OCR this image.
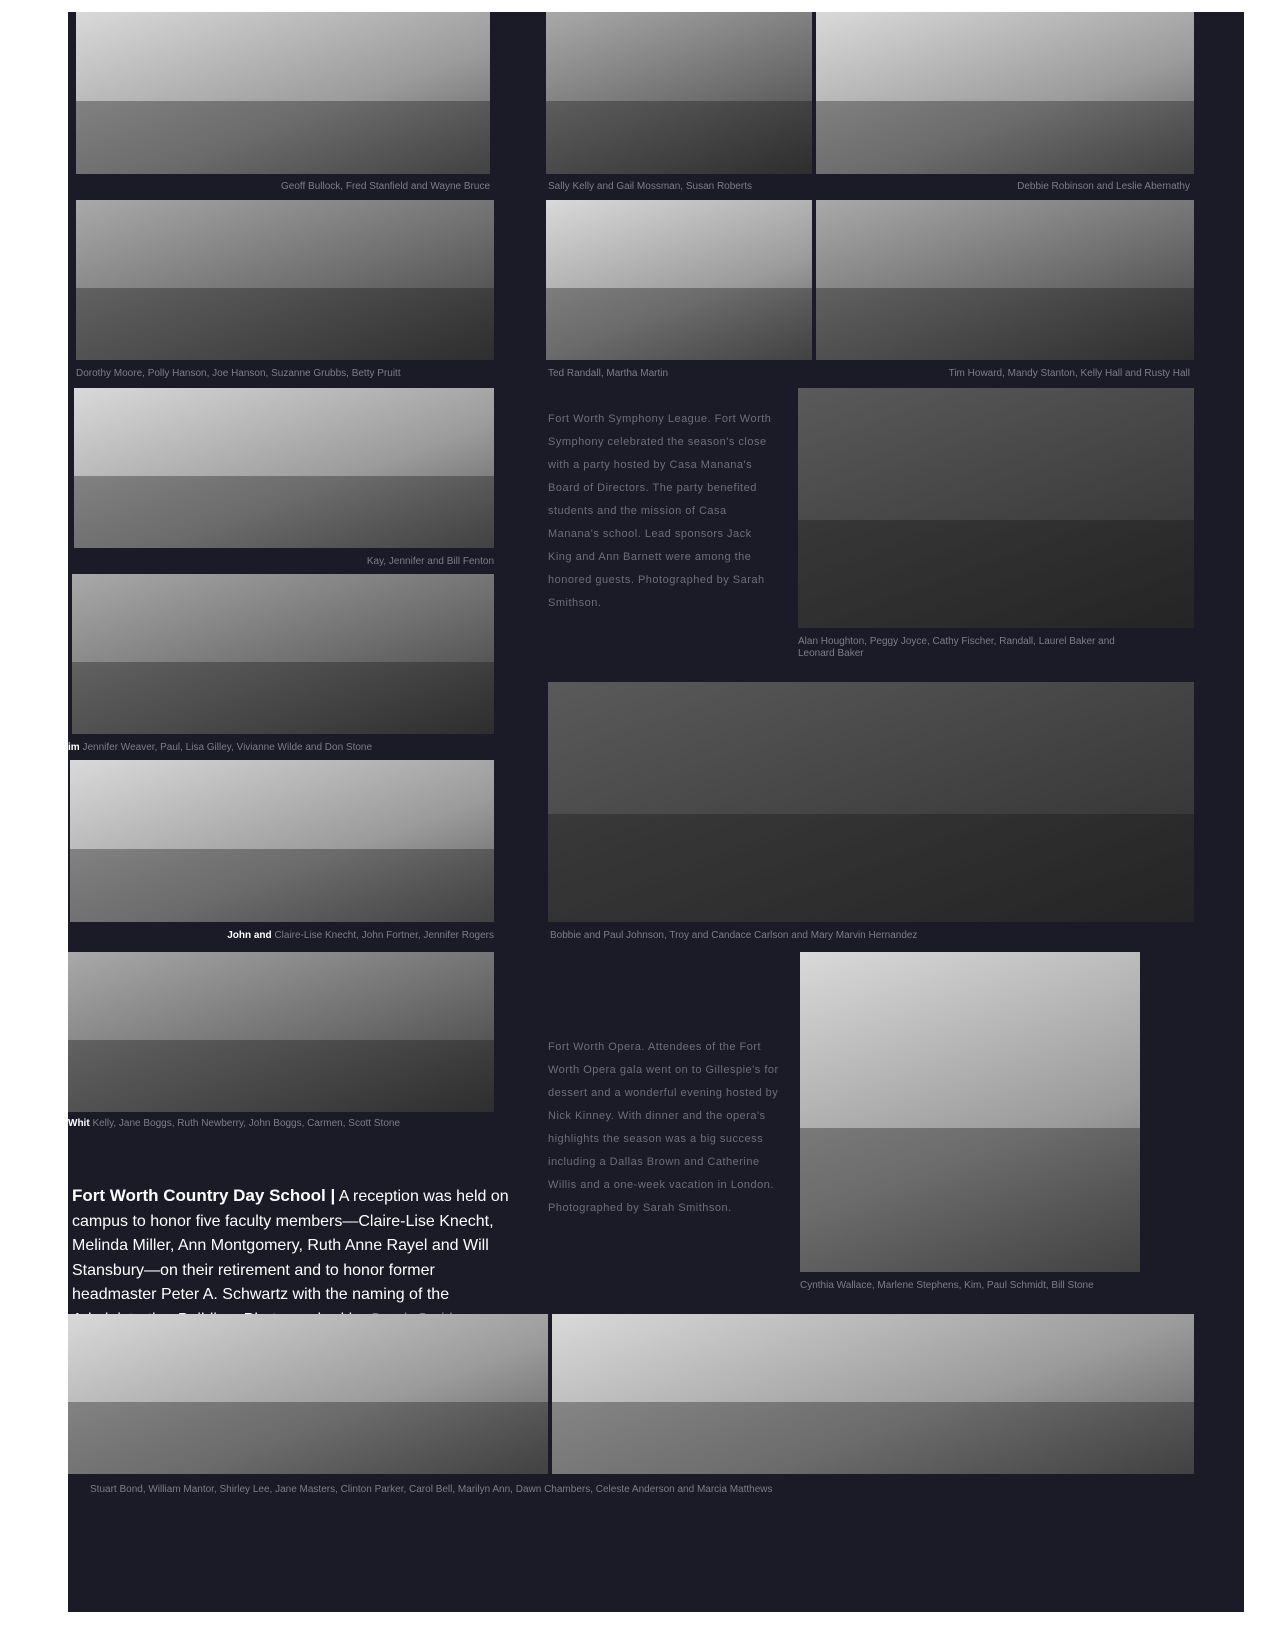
Geoff Bullock, Fred Stanfield and Wayne Bruce	Sally Kelly and Gail Mossman, Susan Roberts	Debbie Robinson and Leslie Abernathy
Dorothy Moore, Polly Hanson, Joe Hanson, Suzanne Grubbs, Betty Pruitt	Ted Randall, Martha Martin	Tim Howard, Mandy Stanton, Kelly Hall and Rusty Hall
Kay, Jennifer and Bill Fenton
Fort Worth Symphony League. Fort Worth Symphony celebrated the season's close with a party hosted by Casa Manana's Board of Directors. The party benefited students and the mission of Casa Manana's school. Lead sponsors Jack King and Ann Barnett were among the honored guests. Photographed by Sarah Smithson.
Alan Houghton, Peggy Joyce, Cathy Fischer, Randall, Laurel Baker and Leonard Baker
im Jennifer Weaver, Paul, Lisa Gilley, Vivianne Wilde and Don Stone
Bobbie and Paul Johnson, Troy and Candace Carlson and Mary Marvin Hernandez
John and Claire-Lise Knecht, John Fortner, Jennifer Rogers
Whit Kelly, Jane Boggs, Ruth Newberry, John Boggs, Carmen, Scott Stone
Fort Worth Opera. Attendees of the Fort Worth Opera gala went on to Gillespie's for dessert and a wonderful evening hosted by Nick Kinney. With dinner and the opera's highlights the season was a big success including a Dallas Brown and Catherine Willis and a one-week vacation in London. Photographed by Sarah Smithson.
Cynthia Wallace, Marlene Stephens, Kim, Paul Schmidt, Bill Stone
Fort Worth Country Day School | A reception was held on campus to honor five faculty members—Claire-Lise Knecht, Melinda Miller, Ann Montgomery, Ruth Anne Rayel and Will Stansbury—on their retirement and to honor former headmaster Peter A. Schwartz with the naming of the
Stuart Bond, William Mantor, Shirley Lee, Jane Masters, Clinton Parker, Carol Bell, Marilyn Ann, Dawn Chambers, Celeste Anderson and Marcia Matthews
